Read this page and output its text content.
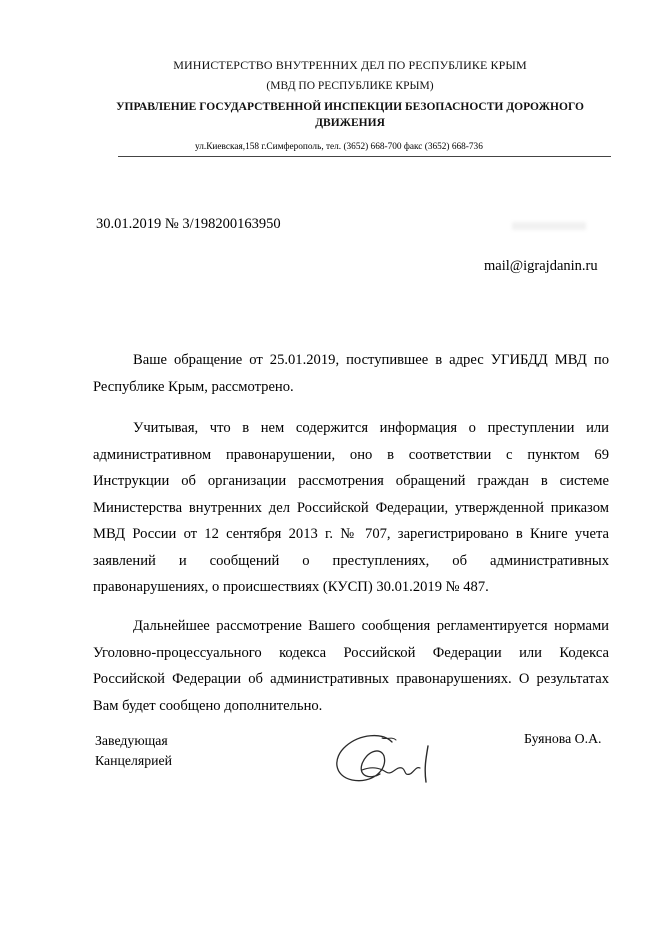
МИНИСТЕРСТВО ВНУТРЕННИХ ДЕЛ ПО РЕСПУБЛИКЕ КРЫМ
(МВД ПО РЕСПУБЛИКЕ КРЫМ)
УПРАВЛЕНИЕ ГОСУДАРСТВЕННОЙ ИНСПЕКЦИИ БЕЗОПАСНОСТИ ДОРОЖНОГО
ДВИЖЕНИЯ
ул.Киевская,158 г.Симферополь, тел. (3652) 668-700 факс (3652) 668-736
30.01.2019 № 3/198200163950
mail@igrajdanin.ru
Ваше обращение от 25.01.2019, поступившее в адрес УГИБДД МВД по
Республике Крым, рассмотрено.

Учитывая, что в нем содержится информация о преступлении или административном правонарушении, оно в соответствии с пунктом 69 Инструкции об организации рассмотрения обращений граждан в системе Министерства внутренних дел Российской Федерации, утвержденной приказом МВД России от 12 сентября 2013 г. № 707, зарегистрировано в Книге учета заявлений и сообщений о преступлениях, об административных правонарушениях, о происшествиях (КУСП) 30.01.2019 № 487.

Дальнейшее рассмотрение Вашего сообщения регламентируется нормами Уголовно-процессуального кодекса Российской Федерации или Кодекса Российской Федерации об административных правонарушениях. О результатах Вам будет сообщено дополнительно.

Заведующая
Канцелярией
Буянова О.А.
